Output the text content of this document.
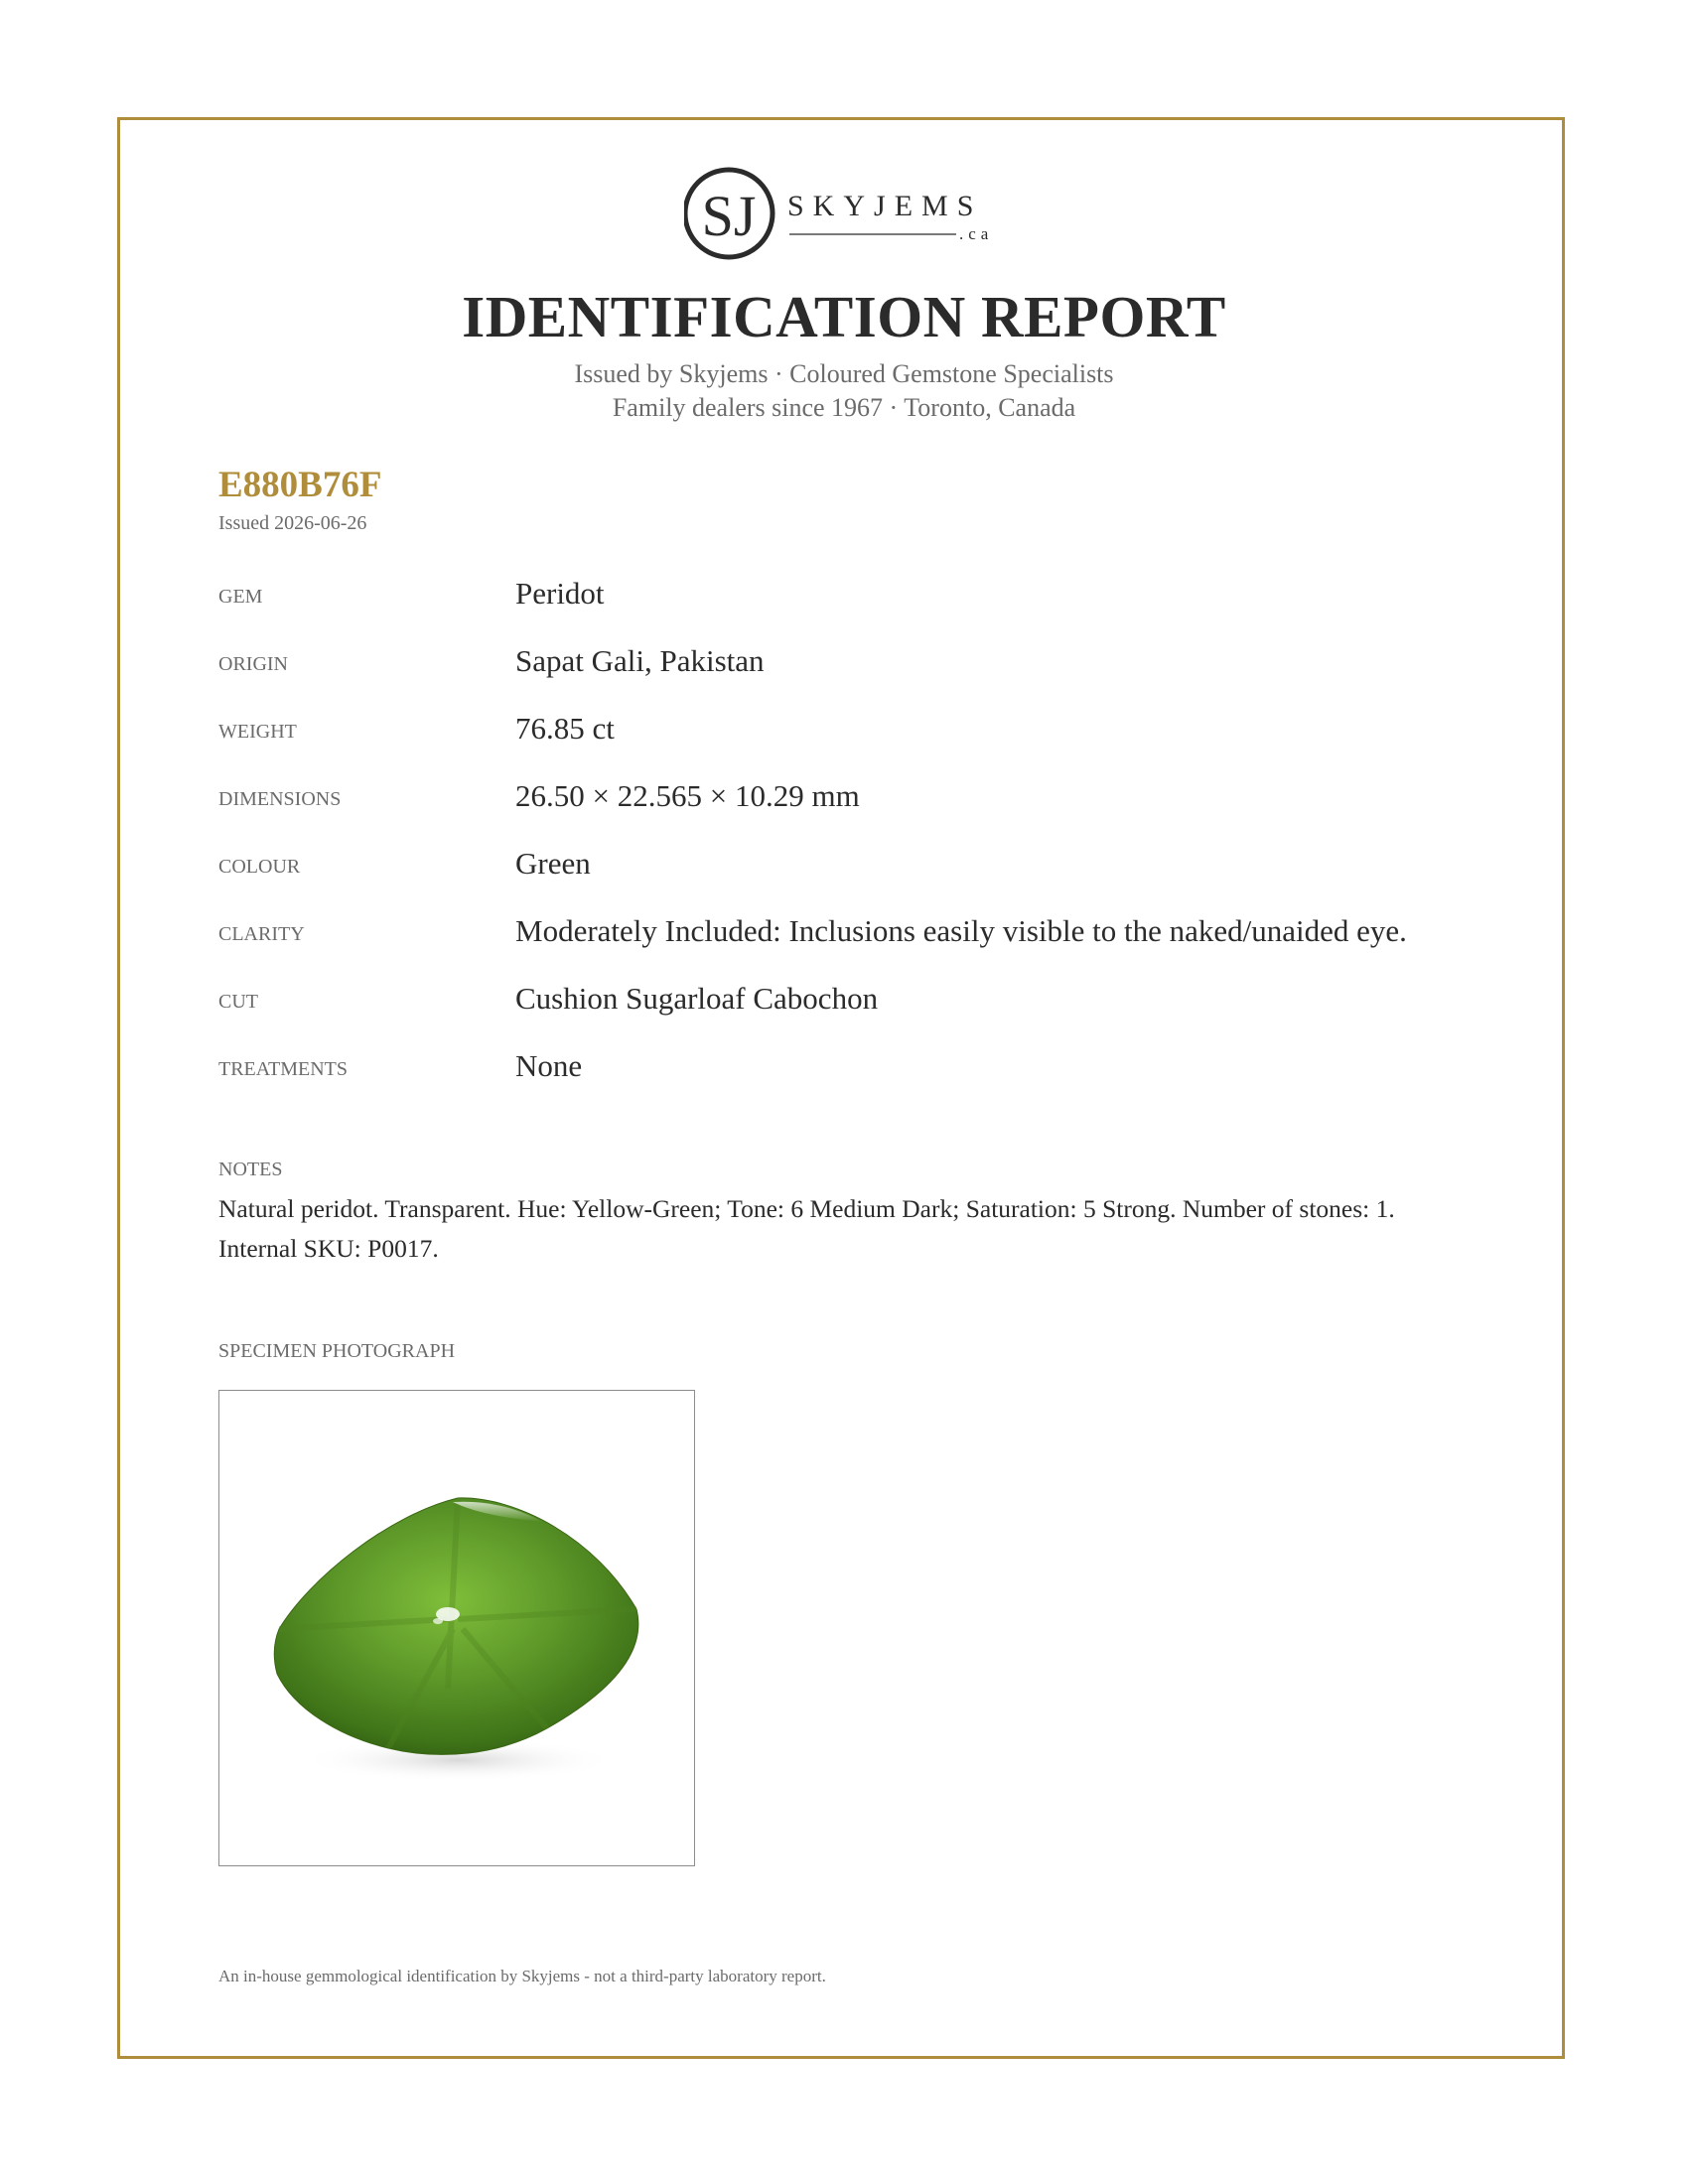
SJ SKYJEMS
.ca
IDENTIFICATION REPORT
Issued by Skyjems · Coloured Gemstone Specialists
Family dealers since 1967 · Toronto, Canada
E880B76F
Issued 2026-06-26
GEM	Peridot
ORIGIN	Sapat Gali, Pakistan
WEIGHT	76.85 ct
DIMENSIONS	26.50 × 22.565 × 10.29 mm
COLOUR	Green
CLARITY	Moderately Included: Inclusions easily visible to the naked/unaided eye.
CUT	Cushion Sugarloaf Cabochon
TREATMENTS	None
NOTES
Natural peridot. Transparent. Hue: Yellow-Green; Tone: 6 Medium Dark; Saturation: 5 Strong. Number of stones: 1. Internal SKU: P0017.
SPECIMEN PHOTOGRAPH
An in-house gemmological identification by Skyjems - not a third-party laboratory report.
